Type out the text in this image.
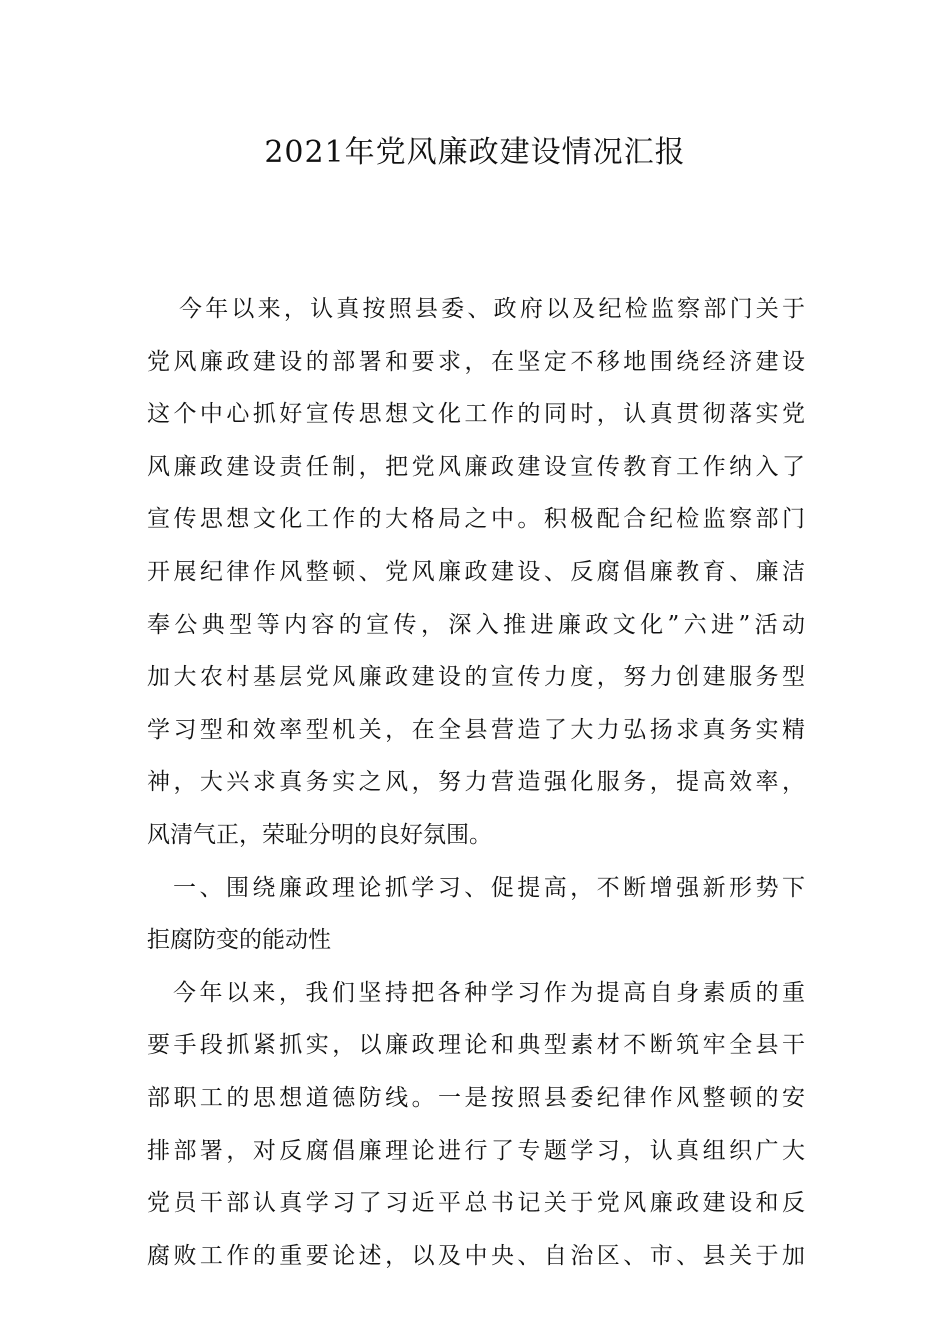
2021年党风廉政建设情况汇报
今年以来，认真按照县委、政府以及纪检监察部门关于
党风廉政建设的部署和要求，在坚定不移地围绕经济建设
这个中心抓好宣传思想文化工作的同时，认真贯彻落实党
风廉政建设责任制，把党风廉政建设宣传教育工作纳入了
宣传思想文化工作的大格局之中。积极配合纪检监察部门
开展纪律作风整顿、党风廉政建设、反腐倡廉教育、廉洁
奉公典型等内容的宣传，深入推进廉政文化”六进”活动
加大农村基层党风廉政建设的宣传力度，努力创建服务型
学习型和效率型机关，在全县营造了大力弘扬求真务实精
神，大兴求真务实之风，努力营造强化服务，提高效率，
风清气正，荣耻分明的良好氛围。
一、围绕廉政理论抓学习、促提高，不断增强新形势下
拒腐防变的能动性
今年以来，我们坚持把各种学习作为提高自身素质的重
要手段抓紧抓实，以廉政理论和典型素材不断筑牢全县干
部职工的思想道德防线。一是按照县委纪律作风整顿的安
排部署，对反腐倡廉理论进行了专题学习，认真组织广大
党员干部认真学习了习近平总书记关于党风廉政建设和反
腐败工作的重要论述，以及中央、自治区、市、县关于加
